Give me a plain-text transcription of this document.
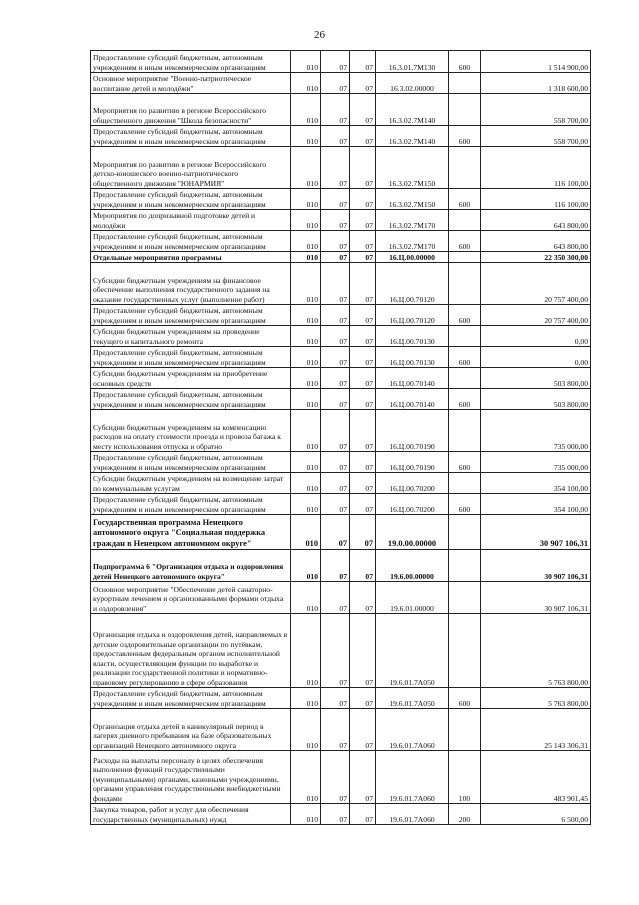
26
Предоставление субсидий бюджетным, автономным учреждениям и иным некоммерческим организациям	010	07	07	16.3.01.7М130	600	1 514 900,00
Основное мероприятие "Военно-патриотическое воспитание детей и молодёжи"	010	07	07	16.3.02.00000		1 318 600,00
Мероприятия по развитию в регионе Всероссийского общественного движения "Школа безопасности"	010	07	07	16.3.02.7М140		558 700,00
Предоставление субсидий бюджетным, автономным учреждениям и иным некоммерческим организациям	010	07	07	16.3.02.7М140	600	558 700,00
Мероприятия по развитию в регионе Всероссийского детско-юношеского военно-патриотического общественного движения "ЮНАРМИЯ"	010	07	07	16.3.02.7М150		116 100,00
Предоставление субсидий бюджетным, автономным учреждениям и иным некоммерческим организациям	010	07	07	16.3.02.7М150	600	116 100,00
Мероприятия по допризывной подготовке детей и молодёжи	010	07	07	16.3.02.7М170		643 800,00
Предоставление субсидий бюджетным, автономным учреждениям и иным некоммерческим организациям	010	07	07	16.3.02.7М170	600	643 800,00
Отдельные мероприятия программы	010	07	07	16.Ц.00.00000		22 350 300,00
Субсидии бюджетным учреждениям на финансовое обеспечение выполнения государственного задания на оказание государственных услуг (выполнение работ)	010	07	07	16.Ц.00.70120		20 757 400,00
Предоставление субсидий бюджетным, автономным учреждениям и иным некоммерческим организациям	010	07	07	16.Ц.00.70120	600	20 757 400,00
Субсидии бюджетным учреждениям на проведение текущего и капитального ремонта	010	07	07	16.Ц.00.70130		0,00
Предоставление субсидий бюджетным, автономным учреждениям и иным некоммерческим организациям	010	07	07	16.Ц.00.70130	600	0,00
Субсидии бюджетным учреждениям на приобретение основных средств	010	07	07	16.Ц.00.70140		503 800,00
Предоставление субсидий бюджетным, автономным учреждениям и иным некоммерческим организациям	010	07	07	16.Ц.00.70140	600	503 800,00
Субсидии бюджетным учреждениям на компенсацию расходов на оплату стоимости проезда и провоза багажа к месту использования отпуска и обратно	010	07	07	16.Ц.00.70190		735 000,00
Предоставление субсидий бюджетным, автономным учреждениям и иным некоммерческим организациям	010	07	07	16.Ц.00.70190	600	735 000,00
Субсидии бюджетным учреждениям на возмещение затрат по коммунальным услугам	010	07	07	16.Ц.00.70200		354 100,00
Предоставление субсидий бюджетным, автономным учреждениям и иным некоммерческим организациям	010	07	07	16.Ц.00.70200	600	354 100,00
Государственная программа Ненецкого автономного округа "Социальная поддержка граждан в Ненецком автономном округе"	010	07	07	19.0.00.00000		30 907 106,31
Подпрограмма 6 "Организация отдыха и оздоровления детей Ненецкого автономного округа"	010	07	07	19.6.00.00000		30 907 106,31
Основное мероприятие "Обеспечение детей санаторно-курортным лечением и организованными формами отдыха и оздоровления"	010	07	07	19.6.01.00000		30 907 106,31
Организация отдыха и оздоровления детей, направляемых в детские оздоровительные организации по путёвкам, предоставленным федеральным органом исполнительной власти, осуществляющим функции по выработке и реализации государственной политики и нормативно-правовому регулированию в сфере образования	010	07	07	19.6.01.7А050		5 763 800,00
Предоставление субсидий бюджетным, автономным учреждениям и иным некоммерческим организациям	010	07	07	19.6.01.7А050	600	5 763 800,00
Организация отдыха детей в каникулярный период в лагерях дневного пребывания на базе образовательных организаций Ненецкого автономного округа	010	07	07	19.6.01.7А060		25 143 306,31
Расходы на выплаты персоналу в целях обеспечения выполнения функций государственными (муниципальными) органами, казенными учреждениями, органами управления государственными внебюджетными фондами	010	07	07	19.6.01.7А060	100	483 901,45
Закупка товаров, работ и услуг для обеспечения государственных (муниципальных) нужд	010	07	07	19.6.01.7А060	200	6 500,00
